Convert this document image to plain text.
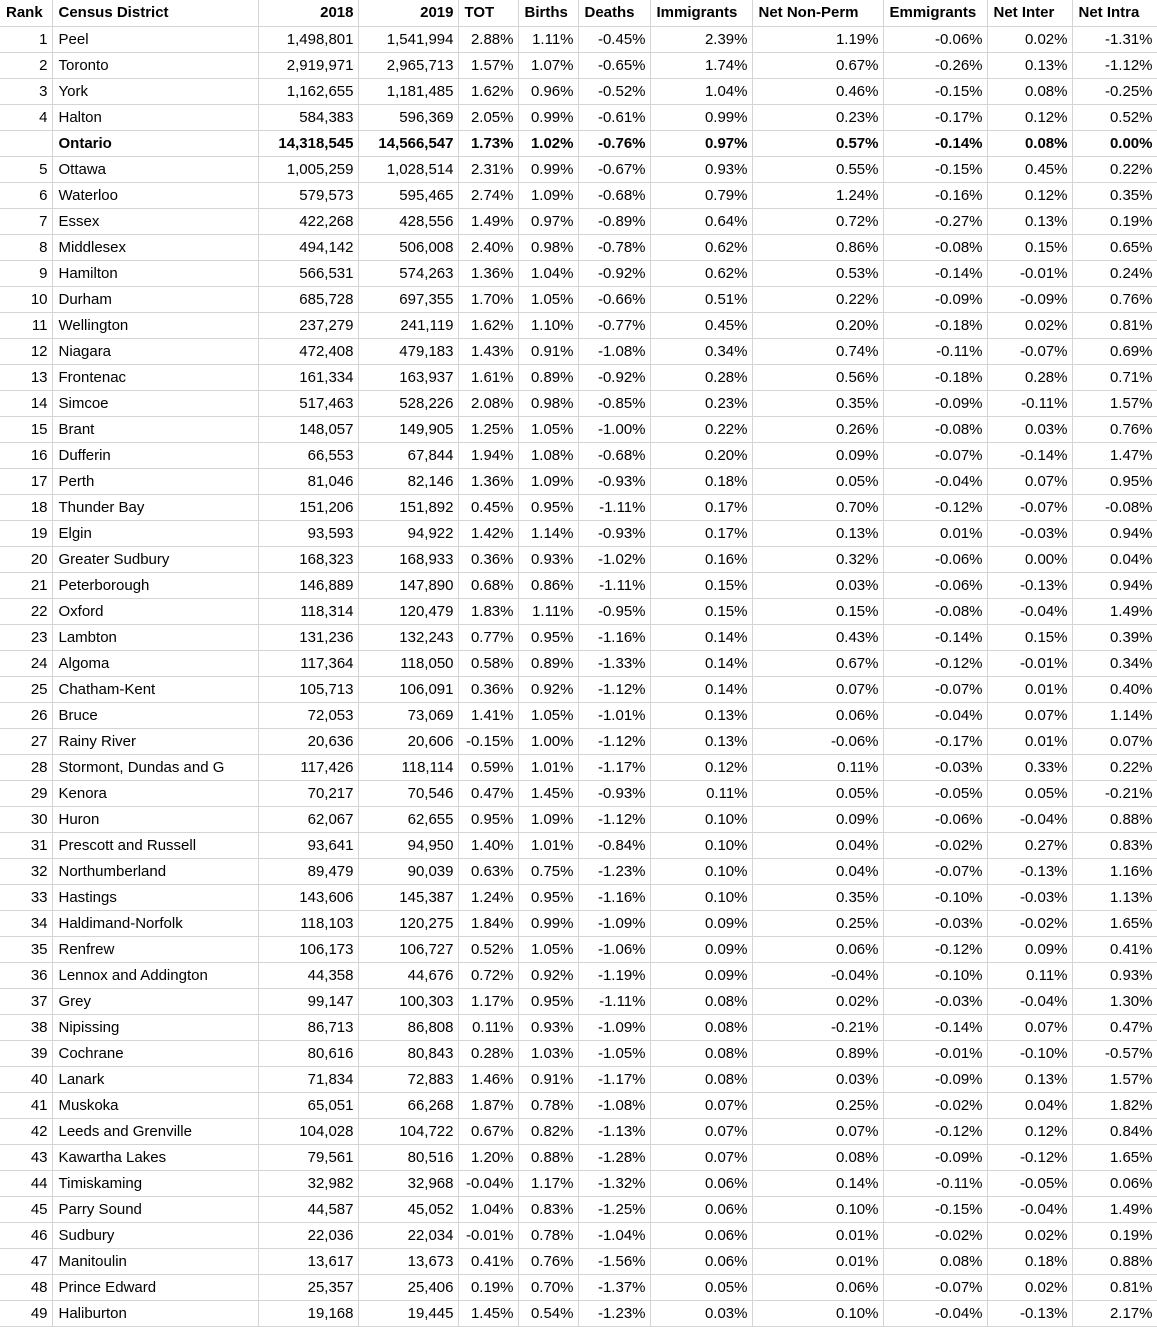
Rank	Census District	2018	2019	TOT	Births	Deaths	Immigrants	Net Non-Perm	Emmigrants	Net Inter	Net Intra
1	Peel	1,498,801	1,541,994	2.88%	1.11%	-0.45%	2.39%	1.19%	-0.06%	0.02%	-1.31%
2	Toronto	2,919,971	2,965,713	1.57%	1.07%	-0.65%	1.74%	0.67%	-0.26%	0.13%	-1.12%
3	York	1,162,655	1,181,485	1.62%	0.96%	-0.52%	1.04%	0.46%	-0.15%	0.08%	-0.25%
4	Halton	584,383	596,369	2.05%	0.99%	-0.61%	0.99%	0.23%	-0.17%	0.12%	0.52%
	Ontario	14,318,545	14,566,547	1.73%	1.02%	-0.76%	0.97%	0.57%	-0.14%	0.08%	0.00%
5	Ottawa	1,005,259	1,028,514	2.31%	0.99%	-0.67%	0.93%	0.55%	-0.15%	0.45%	0.22%
6	Waterloo	579,573	595,465	2.74%	1.09%	-0.68%	0.79%	1.24%	-0.16%	0.12%	0.35%
7	Essex	422,268	428,556	1.49%	0.97%	-0.89%	0.64%	0.72%	-0.27%	0.13%	0.19%
8	Middlesex	494,142	506,008	2.40%	0.98%	-0.78%	0.62%	0.86%	-0.08%	0.15%	0.65%
9	Hamilton	566,531	574,263	1.36%	1.04%	-0.92%	0.62%	0.53%	-0.14%	-0.01%	0.24%
10	Durham	685,728	697,355	1.70%	1.05%	-0.66%	0.51%	0.22%	-0.09%	-0.09%	0.76%
11	Wellington	237,279	241,119	1.62%	1.10%	-0.77%	0.45%	0.20%	-0.18%	0.02%	0.81%
12	Niagara	472,408	479,183	1.43%	0.91%	-1.08%	0.34%	0.74%	-0.11%	-0.07%	0.69%
13	Frontenac	161,334	163,937	1.61%	0.89%	-0.92%	0.28%	0.56%	-0.18%	0.28%	0.71%
14	Simcoe	517,463	528,226	2.08%	0.98%	-0.85%	0.23%	0.35%	-0.09%	-0.11%	1.57%
15	Brant	148,057	149,905	1.25%	1.05%	-1.00%	0.22%	0.26%	-0.08%	0.03%	0.76%
16	Dufferin	66,553	67,844	1.94%	1.08%	-0.68%	0.20%	0.09%	-0.07%	-0.14%	1.47%
17	Perth	81,046	82,146	1.36%	1.09%	-0.93%	0.18%	0.05%	-0.04%	0.07%	0.95%
18	Thunder Bay	151,206	151,892	0.45%	0.95%	-1.11%	0.17%	0.70%	-0.12%	-0.07%	-0.08%
19	Elgin	93,593	94,922	1.42%	1.14%	-0.93%	0.17%	0.13%	0.01%	-0.03%	0.94%
20	Greater Sudbury	168,323	168,933	0.36%	0.93%	-1.02%	0.16%	0.32%	-0.06%	0.00%	0.04%
21	Peterborough	146,889	147,890	0.68%	0.86%	-1.11%	0.15%	0.03%	-0.06%	-0.13%	0.94%
22	Oxford	118,314	120,479	1.83%	1.11%	-0.95%	0.15%	0.15%	-0.08%	-0.04%	1.49%
23	Lambton	131,236	132,243	0.77%	0.95%	-1.16%	0.14%	0.43%	-0.14%	0.15%	0.39%
24	Algoma	117,364	118,050	0.58%	0.89%	-1.33%	0.14%	0.67%	-0.12%	-0.01%	0.34%
25	Chatham-Kent	105,713	106,091	0.36%	0.92%	-1.12%	0.14%	0.07%	-0.07%	0.01%	0.40%
26	Bruce	72,053	73,069	1.41%	1.05%	-1.01%	0.13%	0.06%	-0.04%	0.07%	1.14%
27	Rainy River	20,636	20,606	-0.15%	1.00%	-1.12%	0.13%	-0.06%	-0.17%	0.01%	0.07%
28	Stormont, Dundas and G	117,426	118,114	0.59%	1.01%	-1.17%	0.12%	0.11%	-0.03%	0.33%	0.22%
29	Kenora	70,217	70,546	0.47%	1.45%	-0.93%	0.11%	0.05%	-0.05%	0.05%	-0.21%
30	Huron	62,067	62,655	0.95%	1.09%	-1.12%	0.10%	0.09%	-0.06%	-0.04%	0.88%
31	Prescott and Russell	93,641	94,950	1.40%	1.01%	-0.84%	0.10%	0.04%	-0.02%	0.27%	0.83%
32	Northumberland	89,479	90,039	0.63%	0.75%	-1.23%	0.10%	0.04%	-0.07%	-0.13%	1.16%
33	Hastings	143,606	145,387	1.24%	0.95%	-1.16%	0.10%	0.35%	-0.10%	-0.03%	1.13%
34	Haldimand-Norfolk	118,103	120,275	1.84%	0.99%	-1.09%	0.09%	0.25%	-0.03%	-0.02%	1.65%
35	Renfrew	106,173	106,727	0.52%	1.05%	-1.06%	0.09%	0.06%	-0.12%	0.09%	0.41%
36	Lennox and Addington	44,358	44,676	0.72%	0.92%	-1.19%	0.09%	-0.04%	-0.10%	0.11%	0.93%
37	Grey	99,147	100,303	1.17%	0.95%	-1.11%	0.08%	0.02%	-0.03%	-0.04%	1.30%
38	Nipissing	86,713	86,808	0.11%	0.93%	-1.09%	0.08%	-0.21%	-0.14%	0.07%	0.47%
39	Cochrane	80,616	80,843	0.28%	1.03%	-1.05%	0.08%	0.89%	-0.01%	-0.10%	-0.57%
40	Lanark	71,834	72,883	1.46%	0.91%	-1.17%	0.08%	0.03%	-0.09%	0.13%	1.57%
41	Muskoka	65,051	66,268	1.87%	0.78%	-1.08%	0.07%	0.25%	-0.02%	0.04%	1.82%
42	Leeds and Grenville	104,028	104,722	0.67%	0.82%	-1.13%	0.07%	0.07%	-0.12%	0.12%	0.84%
43	Kawartha Lakes	79,561	80,516	1.20%	0.88%	-1.28%	0.07%	0.08%	-0.09%	-0.12%	1.65%
44	Timiskaming	32,982	32,968	-0.04%	1.17%	-1.32%	0.06%	0.14%	-0.11%	-0.05%	0.06%
45	Parry Sound	44,587	45,052	1.04%	0.83%	-1.25%	0.06%	0.10%	-0.15%	-0.04%	1.49%
46	Sudbury	22,036	22,034	-0.01%	0.78%	-1.04%	0.06%	0.01%	-0.02%	0.02%	0.19%
47	Manitoulin	13,617	13,673	0.41%	0.76%	-1.56%	0.06%	0.01%	0.08%	0.18%	0.88%
48	Prince Edward	25,357	25,406	0.19%	0.70%	-1.37%	0.05%	0.06%	-0.07%	0.02%	0.81%
49	Haliburton	19,168	19,445	1.45%	0.54%	-1.23%	0.03%	0.10%	-0.04%	-0.13%	2.17%
